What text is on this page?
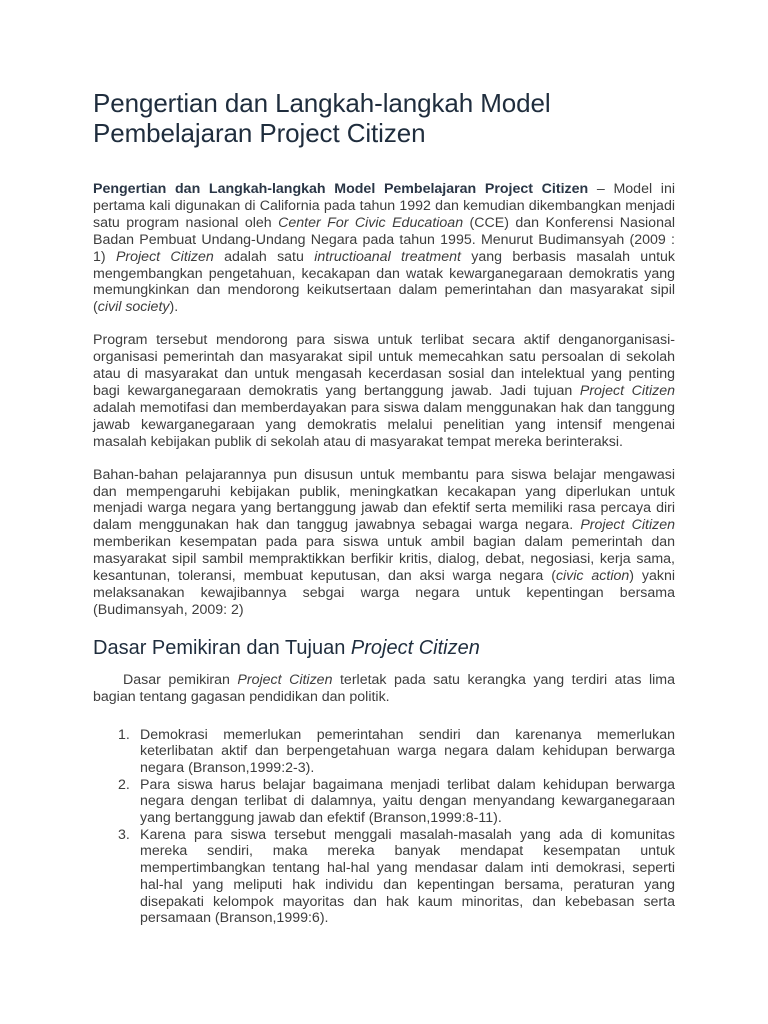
Pengertian dan Langkah-langkah Model Pembelajaran Project Citizen

Pengertian dan Langkah-langkah Model Pembelajaran Project Citizen – Model ini pertama kali digunakan di California pada tahun 1992 dan kemudian dikembangkan menjadi satu program nasional oleh Center For Civic Educatioan (CCE) dan Konferensi Nasional Badan Pembuat Undang-Undang Negara pada tahun 1995. Menurut Budimansyah (2009 : 1) Project Citizen adalah satu intructioanal treatment yang berbasis masalah untuk mengembangkan pengetahuan, kecakapan dan watak kewarganegaraan demokratis yang memungkinkan dan mendorong keikutsertaan dalam pemerintahan dan masyarakat sipil (civil society).

Program tersebut mendorong para siswa untuk terlibat secara aktif denganorganisasi-organisasi pemerintah dan masyarakat sipil untuk memecahkan satu persoalan di sekolah atau di masyarakat dan untuk mengasah kecerdasan sosial dan intelektual yang penting bagi kewarganegaraan demokratis yang bertanggung jawab. Jadi tujuan Project Citizen adalah memotifasi dan memberdayakan para siswa dalam menggunakan hak dan tanggung jawab kewarganegaraan yang demokratis melalui penelitian yang intensif mengenai masalah kebijakan publik di sekolah atau di masyarakat tempat mereka berinteraksi.

Bahan-bahan pelajarannya pun disusun untuk membantu para siswa belajar mengawasi dan mempengaruhi kebijakan publik, meningkatkan kecakapan yang diperlukan untuk menjadi warga negara yang bertanggung jawab dan efektif serta memiliki rasa percaya diri dalam menggunakan hak dan tanggug jawabnya sebagai warga negara. Project Citizen memberikan kesempatan pada para siswa untuk ambil bagian dalam pemerintah dan masyarakat sipil sambil mempraktikkan berfikir kritis, dialog, debat, negosiasi, kerja sama, kesantunan, toleransi, membuat keputusan, dan aksi warga negara (civic action) yakni melaksanakan kewajibannya sebgai warga negara untuk kepentingan bersama (Budimansyah, 2009: 2)

Dasar Pemikiran dan Tujuan Project Citizen

Dasar pemikiran Project Citizen terletak pada satu kerangka yang terdiri atas lima bagian tentang gagasan pendidikan dan politik.

1. Demokrasi memerlukan pemerintahan sendiri dan karenanya memerlukan keterlibatan aktif dan berpengetahuan warga negara dalam kehidupan berwarga negara (Branson,1999:2-3).
2. Para siswa harus belajar bagaimana menjadi terlibat dalam kehidupan berwarga negara dengan terlibat di dalamnya, yaitu dengan menyandang kewarganegaraan yang bertanggung jawab dan efektif (Branson,1999:8-11).
3. Karena para siswa tersebut menggali masalah-masalah yang ada di komunitas mereka sendiri, maka mereka banyak mendapat kesempatan untuk mempertimbangkan tentang hal-hal yang mendasar dalam inti demokrasi, seperti hal-hal yang meliputi hak individu dan kepentingan bersama, peraturan yang disepakati kelompok mayoritas dan hak kaum minoritas, dan kebebasan serta persamaan (Branson,1999:6).
